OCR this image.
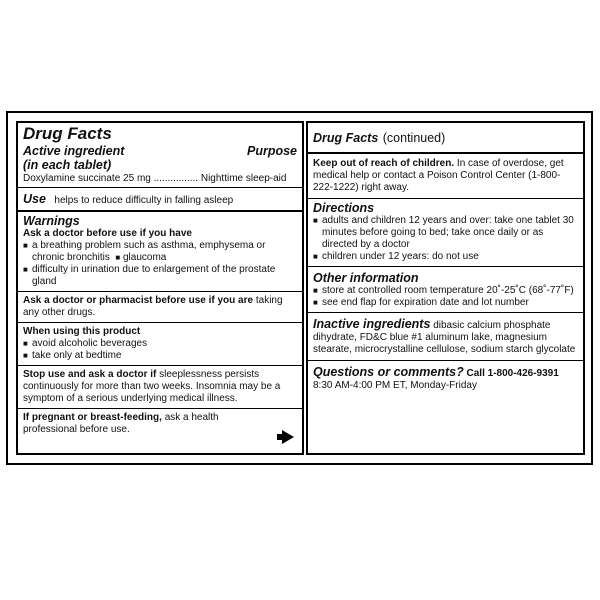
Drug Facts
Active ingredient	Purpose
(in each tablet)
Doxylamine succinate 25 mg ................ Nighttime sleep-aid
Use helps to reduce difficulty in falling asleep
Warnings
Ask a doctor before use if you have
■ a breathing problem such as asthma, emphysema or chronic bronchitis ■ glaucoma
■ difficulty in urination due to enlargement of the prostate gland
Ask a doctor or pharmacist before use if you are taking any other drugs.
When using this product
■ avoid alcoholic beverages
■ take only at bedtime
Stop use and ask a doctor if sleeplessness persists continuously for more than two weeks. Insomnia may be a symptom of a serious underlying medical illness.
If pregnant or breast-feeding, ask a health professional before use.
Drug Facts (continued)
Keep out of reach of children. In case of overdose, get medical help or contact a Poison Control Center (1-800-222-1222) right away.
Directions
■ adults and children 12 years and over: take one tablet 30 minutes before going to bed; take once daily or as directed by a doctor
■ children under 12 years: do not use
Other information
■ store at controlled room temperature 20˚-25˚C (68˚-77˚F)
■ see end flap for expiration date and lot number
Inactive ingredients dibasic calcium phosphate dihydrate, FD&C blue #1 aluminum lake, magnesium stearate, microcrystalline cellulose, sodium starch glycolate
Questions or comments? Call 1-800-426-9391
8:30 AM-4:00 PM ET, Monday-Friday
